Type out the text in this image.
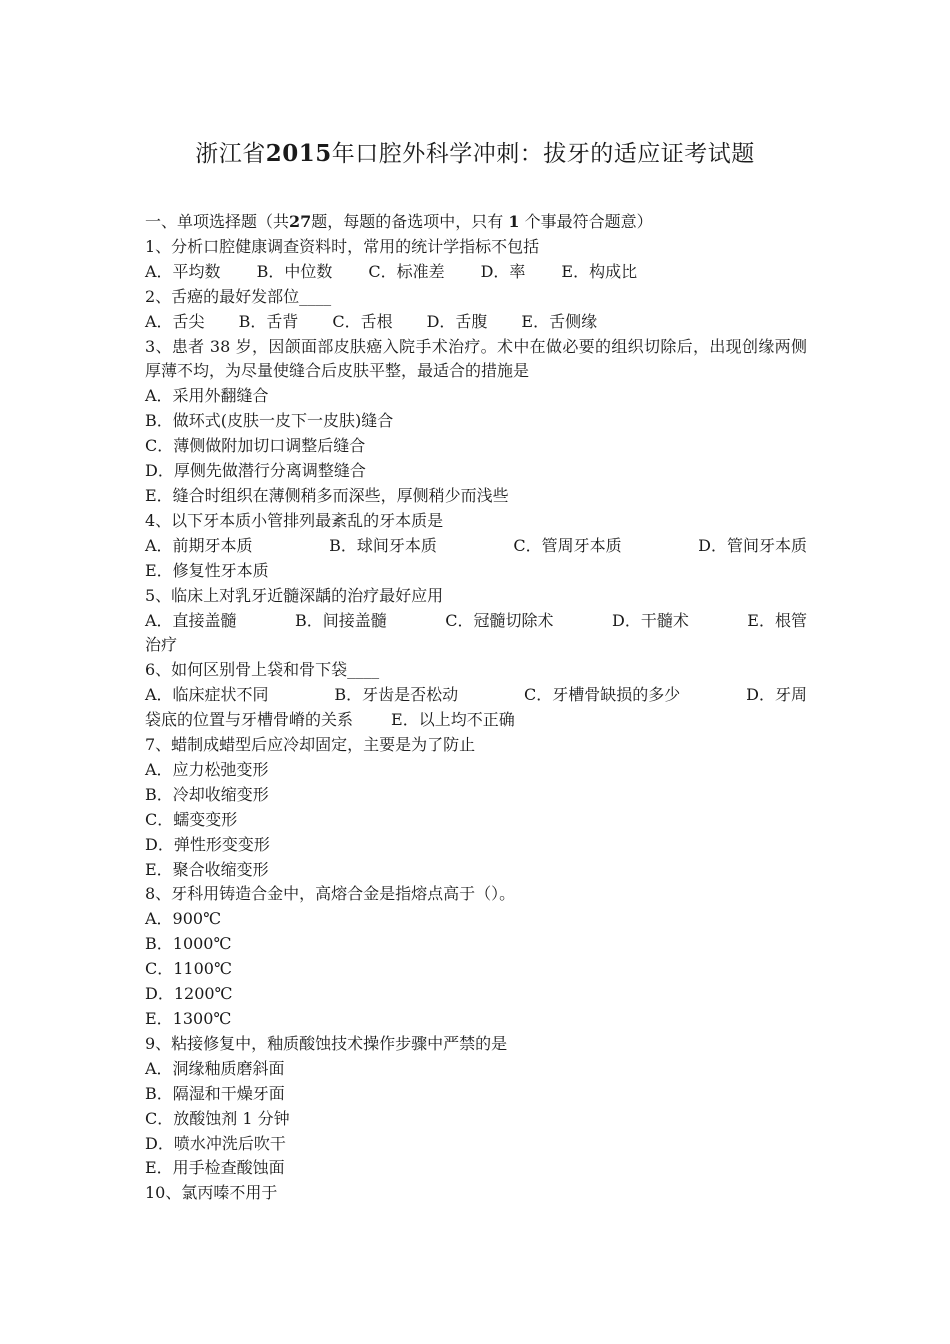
浙江省2015年口腔外科学冲刺：拔牙的适应证考试题
一、单项选择题（共27题，每题的备选项中，只有 1 个事最符合题意）
1、分析口腔健康调查资料时，常用的统计学指标不包括
A．平均数 B．中位数 C．标准差 D．率 E．构成比
2、舌癌的最好发部位____
A．舌尖 B．舌背 C．舌根 D．舌腹 E．舌侧缘
3、患者 38 岁，因颌面部皮肤癌入院手术治疗。术中在做必要的组织切除后，出现创缘两侧厚薄不均，为尽量使缝合后皮肤平整，最适合的措施是
A．采用外翻缝合
B．做环式(皮肤一皮下一皮肤)缝合
C．薄侧做附加切口调整后缝合
D．厚侧先做潜行分离调整缝合
E．缝合时组织在薄侧稍多而深些，厚侧稍少而浅些
4、以下牙本质小管排列最紊乱的牙本质是
A．前期牙本质	B．球间牙本质	C．管周牙本质	D．管间牙本质
E．修复性牙本质
5、临床上对乳牙近髓深龋的治疗最好应用
A．直接盖髓	B．间接盖髓	C．冠髓切除术	D．干髓术	E．根管
治疗
6、如何区别骨上袋和骨下袋____
A．临床症状不同	B．牙齿是否松动	C．牙槽骨缺损的多少	D．牙周
袋底的位置与牙槽骨嵴的关系 E．以上均不正确
7、蜡制成蜡型后应冷却固定，主要是为了防止
A．应力松弛变形
B．冷却收缩变形
C．蠕变变形
D．弹性形变变形
E．聚合收缩变形
8、牙科用铸造合金中，高熔合金是指熔点高于（）。
A．900℃
B．1000℃
C．1100℃
D．1200℃
E．1300℃
9、粘接修复中，釉质酸蚀技术操作步骤中严禁的是
A．洞缘釉质磨斜面
B．隔湿和干燥牙面
C．放酸蚀剂 1 分钟
D．喷水冲洗后吹干
E．用手检查酸蚀面
10、氯丙嗪不用于
